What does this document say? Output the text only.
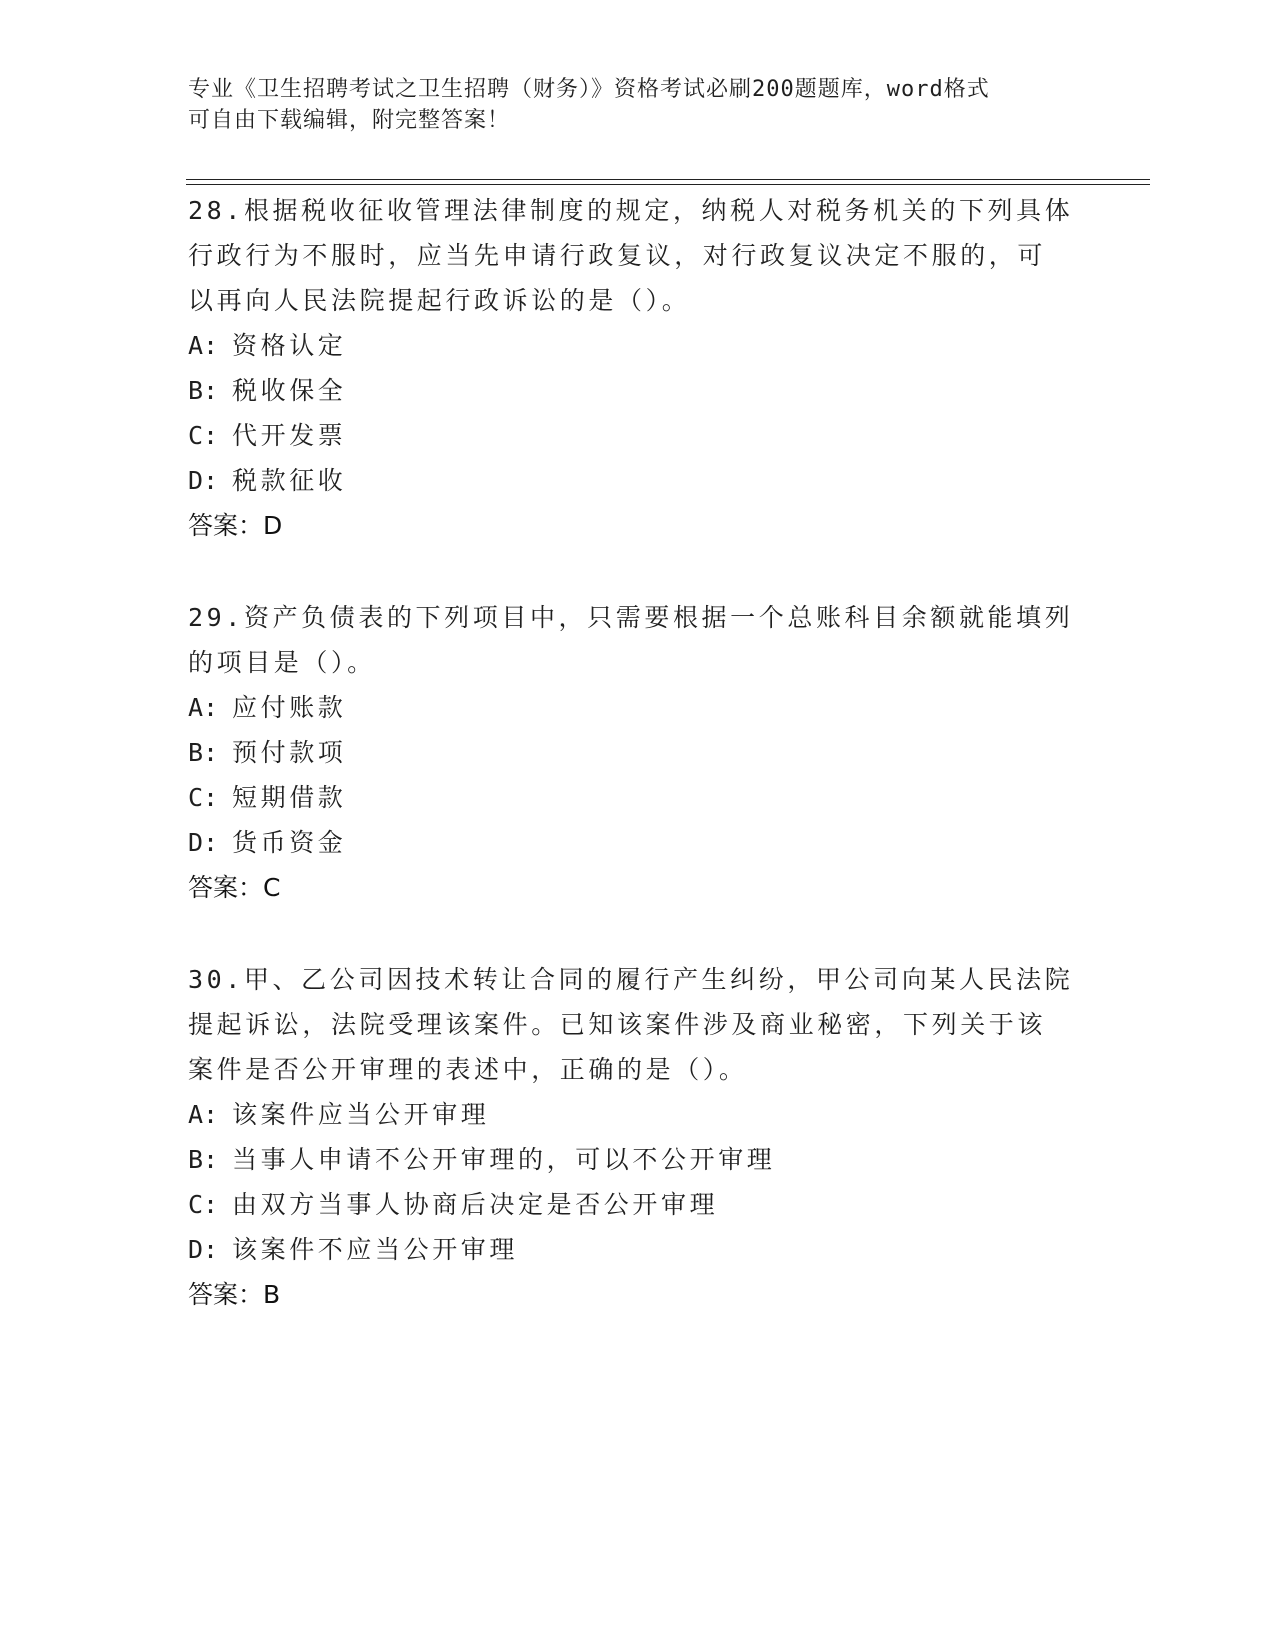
专业《卫生招聘考试之卫生招聘（财务）》资格考试必刷200题题库，word格式
可自由下载编辑，附完整答案！

28.根据税收征收管理法律制度的规定，纳税人对税务机关的下列具体

行政行为不服时，应当先申请行政复议，对行政复议决定不服的，可

以再向人民法院提起行政诉讼的是（）。

A: 资格认定

B: 税收保全

C: 代开发票

D: 税款征收

答案：D

29.资产负债表的下列项目中，只需要根据一个总账科目余额就能填列

的项目是（）。

A: 应付账款

B: 预付款项

C: 短期借款

D: 货币资金

答案：C

30.甲、乙公司因技术转让合同的履行产生纠纷，甲公司向某人民法院

提起诉讼，法院受理该案件。已知该案件涉及商业秘密，下列关于该

案件是否公开审理的表述中，正确的是（）。

A: 该案件应当公开审理

B: 当事人申请不公开审理的，可以不公开审理

C: 由双方当事人协商后决定是否公开审理

D: 该案件不应当公开审理

答案：B
